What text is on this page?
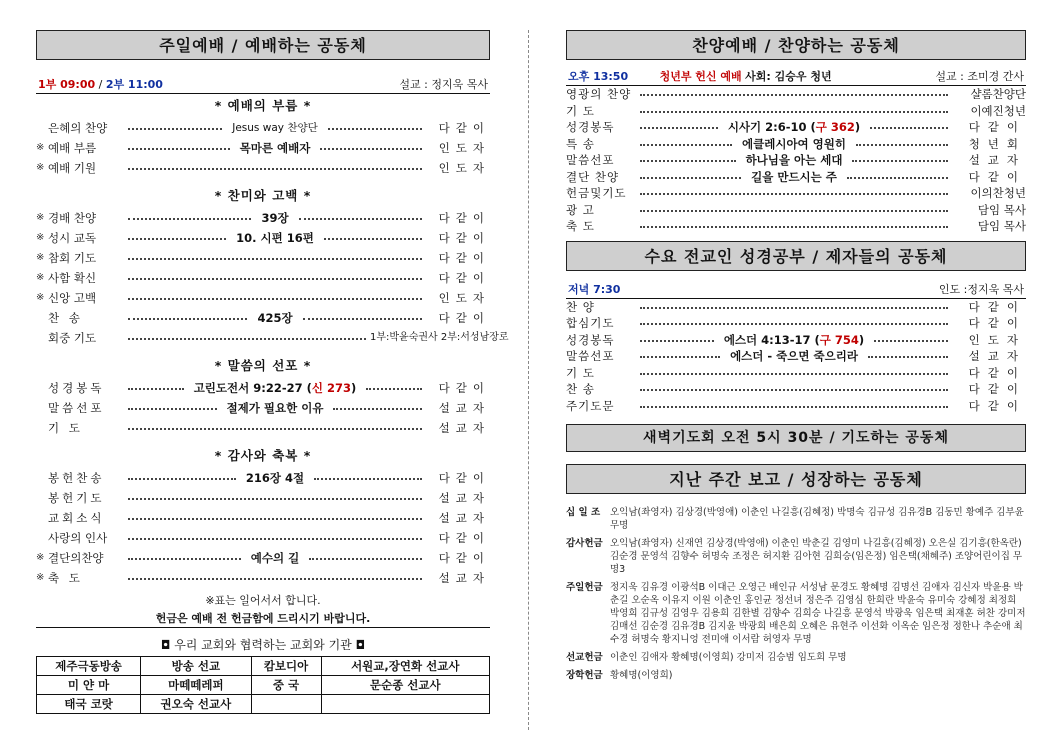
주일예배 / 예배하는 공동체
1부 09:00 / 2부 11:00	설교 : 정지욱 목사
* 예배의 부름 *
은혜의 찬양	Jesus way 찬양단	다같이
※ 예배 부름	목마른 예배자	인도자
※ 예배 기원	인도자
* 찬미와 고백 *
※ 경배 찬양	39장	다같이
※ 성시 교독	10. 시편 16편	다같이
※ 참회 기도	다같이
※ 사함 확신	다같이
※ 신앙 고백	인도자
찬 송	425장	다같이
회중 기도	1부:박윤숙권사 2부:서성남장로
* 말씀의 선포 *
성경봉독	고린도전서 9:22-27 (신 273)	다같이
말씀선포	절제가 필요한 이유	설교자
기 도	설교자
* 감사와 축복 *
봉헌찬송	216장 4절	다같이
봉헌기도	설교자
교회소식	설교자
사랑의 인사	다같이
※ 결단의찬양	예수의 길	다같이
※ 축 도	설교자
※표는 일어서서 합니다.
헌금은 예배 전 헌금함에 드리시기 바랍니다.
◘ 우리 교회와 협력하는 교회와 기관 ◘
제주극동방송	방송 선교	캄보디아	서원교,장연화 선교사
미 얀 마	마떼떼레퍼	중 국	문순종 선교사
태국 코랏	권오숙 선교사		
찬양예배 / 찬양하는 공동체
오후 13:50	청년부 헌신 예배 사회: 김승우 청년	설교 : 조미경 간사
영광의 찬양	샬롬찬양단
기 도	이예진청년
성경봉독	시사기 2:6-10 (구 362)	다같이
특 송	에클레시아여 영원히	청년회
말씀선포	하나님을 아는 세대	설교자
결단 찬양	길을 만드시는 주	다같이
헌금및기도	이의찬청년
광 고	담임 목사
축 도	담임 목사
수요 전교인 성경공부 / 제자들의 공동체
저녁 7:30	인도 :정지욱 목사
찬 양	다같이
합심기도	다같이
성경봉독	에스더 4:13-17 (구 754)	인도자
말씀선포	에스더 - 죽으면 죽으리라	설교자
기 도	다같이
찬 송	다같이
주기도문	다같이
새벽기도회 오전 5시 30분 / 기도하는 공동체
지난 주간 보고 / 성장하는 공동체
십 일 조	오익남(좌영자) 김상경(박영애) 이춘인 나길흥(김혜정) 박명숙 김규성 김유경B 김동민 황예주 김부윤 무명
감사헌금 오익남(좌영자) 신재연 김상경(박영애) 이춘인 박춘길 김영미 나길흥(김혜정) 오은실 김기흥(한옥란) 김순경 문영석 김향수 허명숙 조정은 허지환 김아현 김희승(임은정) 임은택(채혜주) 조양어린이집 무명3
주일헌금 정지욱 김유경 이광석B 이대근 오영근 배인규 서성남 문경도 황혜명 김명선 김애자 김신자 박윤용 박춘길 오순옥 이유지 이원 이춘인 홍인균 정선녀 정은주 김영심 한희란 박윤숙 유미숙 강혜정 최정희 박영희 김규성 김영우 김용희 김한별 김향수 김희승 나길흥 문영석 박광욱 임은택 최재훈 허찬 강미저 김매선 김순경 김유경B 김지윤 박광희 배은희 오혜은 유현주 이선화 이옥순 임은정 정한나 추순애 최수경 허명숙 황지니엉 전미애 이서람 허영자 무명
선교헌금 이춘인 김애자 황혜명(이영희) 강미저 김승범 임도희 무명
장학헌금 황혜명(이영희)
